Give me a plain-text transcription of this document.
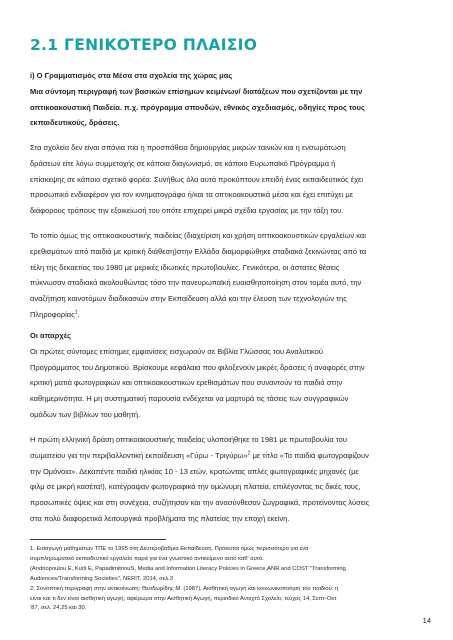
2.1 ΓΕΝΙΚΟΤΕΡΟ ΠΛΑΙΣΙΟ

i) Ο Γραμματισμός στα Μέσα στα σχολεία της χώρας μας

Μια σύντομη περιγραφή των βασικών επίσημων κειμένων/ διατάξεων που σχετίζονται με την

οπτικοακουστική Παιδεία. π.χ. πρόγραμμα σπουδών, εθνικός σχεδιασμός, οδηγίες προς τους

εκπαιδευτικούς, δράσεις.

Στα σχολεία δεν είναι σπάνια πια η προσπάθεια δημιουργίας μικρών ταινιών και η ενσωμάτωση

δράσεων είτε λόγω συμμετοχής σε κάποια διαγωνισμό, σε κάποιο Ευρωπαϊκό Πρόγραμμα ή

επίσκεψης σε κάποιο σχετικό φορέα. Συνήθως όλα αυτά προκύπτουν επειδή ένας εκπαιδευτικός έχει

προσωπικό ενδιαφέρον για τον κινηματογράφο ή/και τα οπτικοακουστικά μέσα και έχει επιτύχει με

διάφορους τρόπους την εξοικείωσή του οπότε επιχειρεί μικρά σχέδια εργασίας με την τάξη του.

Το τοπίο όμως της οπτικοακουστικής παιδείας (διαχείριση και χρήση οπτικοακουστικών εργαλείων και

ερεθισμάτων από παιδιά με κριτική διάθεση)στην Ελλάδα διαμορφώθηκε σταδιακά ξεκινώντας από τα

τέλη της δεκαετίας του 1980 με μερικές ιδιωτικές πρωτοβουλίες. Γενικότερα, οι άστατες θέσεις

πύκνωσαν σταδιακά ακολουθώντας τόσο την πανευρωπαϊκή ευαισθητοποίηση στον τομέα αυτό, την

αναζήτηση καινοτόμων διαδικασιών στην Εκπαίδευση αλλά και την έλευση των τεχνολογιών της

Πληροφορίας$^1$.

Οι απαρχές

Οι πρώτες σύντομες επίσημες εμφανίσεις εισχωρούν σε Βιβλία Γλώσσας του Αναλυτικού

Προγράμματος του Δημοτικού. Βρίσκουμε κεφάλαια που φιλοξενούν μικρές δράσεις ή αναφορές στην

κριτική ματιά φωτογραφιών και οπτικοακουστικών ερεθισμάτων που συναντούν τα παιδιά στην

καθημερινότητα. Η μη συστηματική παρουσία ενδέχεται να μαρτυρά τις τάσεις των συγγραφικών

ομάδων των βιβλίων του μαθητή.

Η πρώτη ελληνική δράση οπτικοακουστικής παιδείας υλοποιήθηκε το 1981 με πρωτοβουλία του

σωματείου για την περιβαλλοντική εκπαίδευση «Γύρω - Τριγύρω»$^2$ με τίτλο «Τα παιδιά φωτογραφίζουν

την Ομόνοια». Δεκαπέντε παιδιά ηλικίας 10 - 13 ετών, κρατώντας απλές φωτογραφικές μηχανές (με

φιλμ σε μικρή κασέτα!), κατέγραψαν φωτογραφικά την ομώνυμη πλατεία, επιλέγοντας τις δικές τους,

προσωπικές όψεις και στη συνέχεια, συζήτησαν και την ανασύνθεσαν ζωγραφικά, προτείνοντας λύσεις

στα πολύ διαφορετικά λειτουργικά προβλήματα της πλατείας την εποχή εκείνη.

1. Εισαγωγή μαθημάτων ΤΠΕ το 1995 στη Δευτεροβάθμια Εκπαίδευση. Πρόκειται όμως περισσότερο για ένα

συμπληρωματικό εκπαιδευτικό εργαλείο παρά για ένα γνωστικό αντικείμενο αυτό καθ' αυτό.

(Andriopoulou E, Kurli E, PapadimitriouS, Media and Information Literacy Policies in Greece,ANR and COST "Transforming

Audiences/Transforming Societies", NERIT, 2014, σελ.3

2. Συνοπτική περιγραφή στην ανακοίνωση: Θεοδωρίδης Μ. (1987), Αισθητική αγωγή και κοινωνικοποίηση του παιδιού: η

είναι και τι δεν είναι αισθητική αγωγή, αφιέρωμα στην Αισθητική Αγωγή, περιοδικό Ανοιχτό Σχολείο, τεύχος 14, Σεπτ-Οκτ

'87, σελ. 24,25 και 30.

14
